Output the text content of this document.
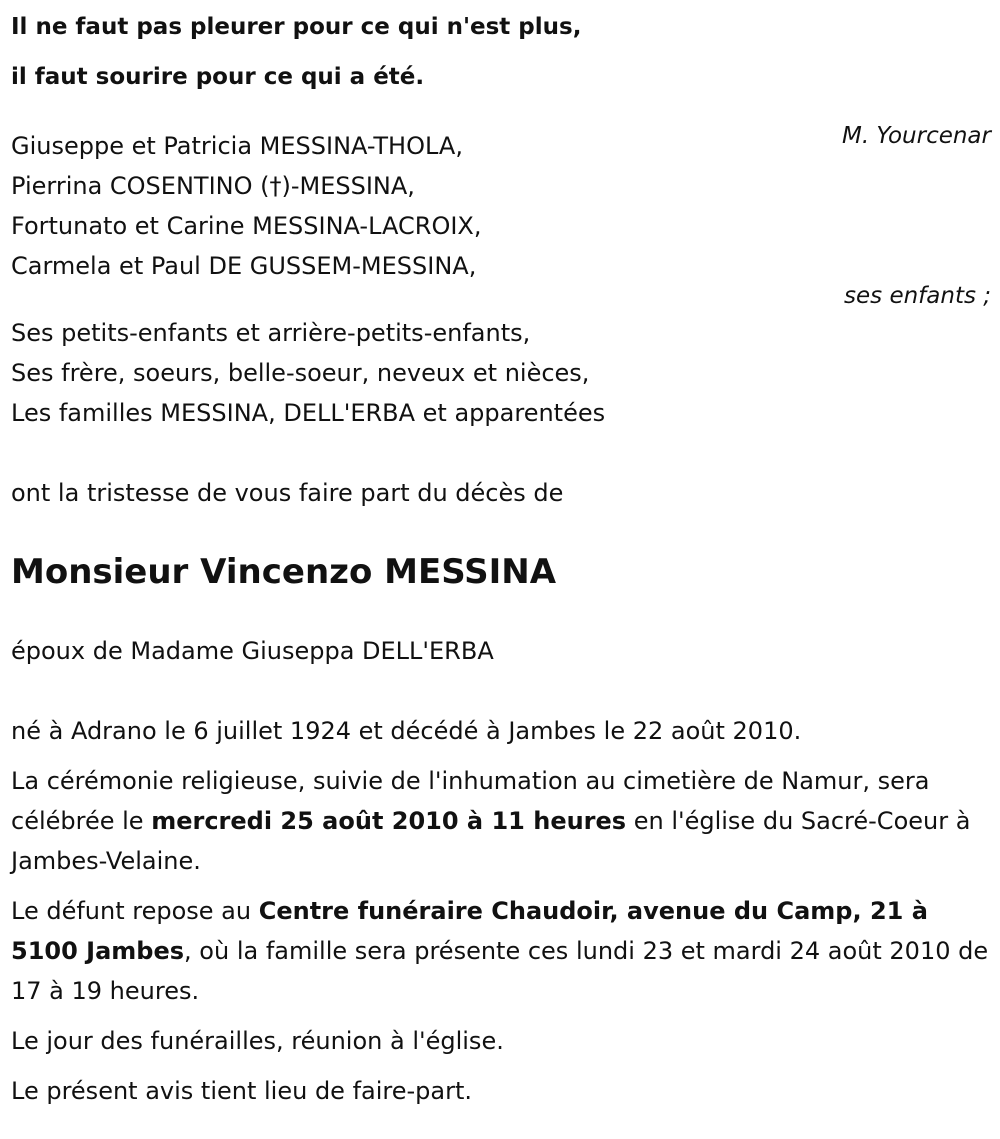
Il ne faut pas pleurer pour ce qui n'est plus,
il faut sourire pour ce qui a été.
M. Yourcenar
Giuseppe et Patricia MESSINA-THOLA,
Pierrina COSENTINO (†)-MESSINA,
Fortunato et Carine MESSINA-LACROIX,
Carmela et Paul DE GUSSEM-MESSINA,
ses enfants ;
Ses petits-enfants et arrière-petits-enfants,
Ses frère, soeurs, belle-soeur, neveux et nièces,
Les familles MESSINA, DELL'ERBA et apparentées
ont la tristesse de vous faire part du décès de
Monsieur Vincenzo MESSINA
époux de Madame Giuseppa DELL'ERBA
né à Adrano le 6 juillet 1924 et décédé à Jambes le 22 août 2010.
La cérémonie religieuse, suivie de l'inhumation au cimetière de Namur, sera célébrée le mercredi 25 août 2010 à 11 heures en l'église du Sacré-Coeur à Jambes-Velaine.
Le défunt repose au Centre funéraire Chaudoir, avenue du Camp, 21 à 5100 Jambes, où la famille sera présente ces lundi 23 et mardi 24 août 2010 de 17 à 19 heures.
Le jour des funérailles, réunion à l'église.
Le présent avis tient lieu de faire-part.
